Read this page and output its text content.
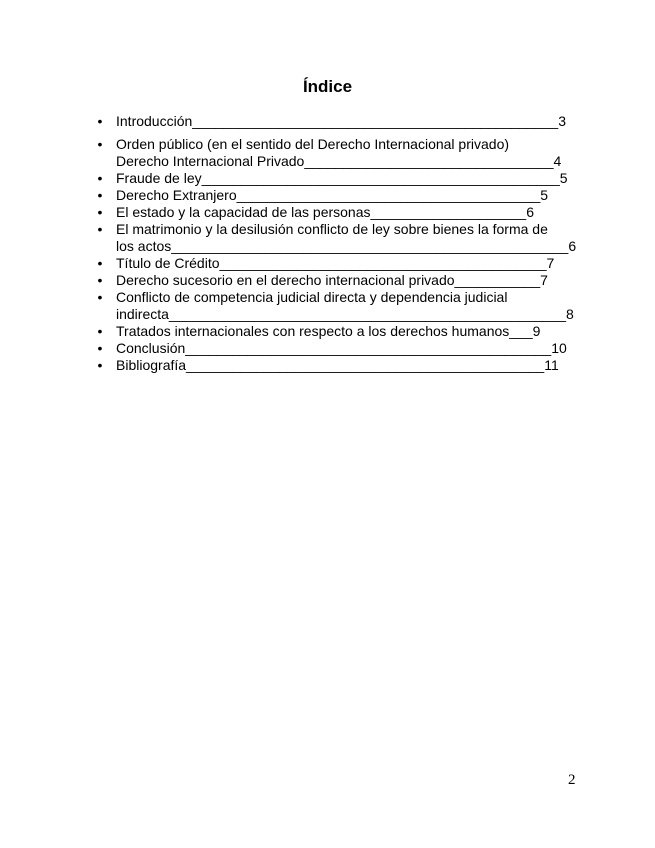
Índice
• Introducción_______________________________________________3
• Orden público (en el sentido del Derecho Internacional privado)
Derecho Internacional Privado________________________________4
• Fraude de ley______________________________________________5
• Derecho Extranjero_______________________________________5
• El estado y la capacidad de las personas____________________6
• El matrimonio y la desilusión conflicto de ley sobre bienes la forma de
los actos___________________________________________________6
• Título de Crédito__________________________________________7
• Derecho sucesorio en el derecho internacional privado___________7
• Conflicto de competencia judicial directa y dependencia judicial
indirecta___________________________________________________8
• Tratados internacionales con respecto a los derechos humanos___9
• Conclusión_______________________________________________10
• Bibliografía______________________________________________11
2
